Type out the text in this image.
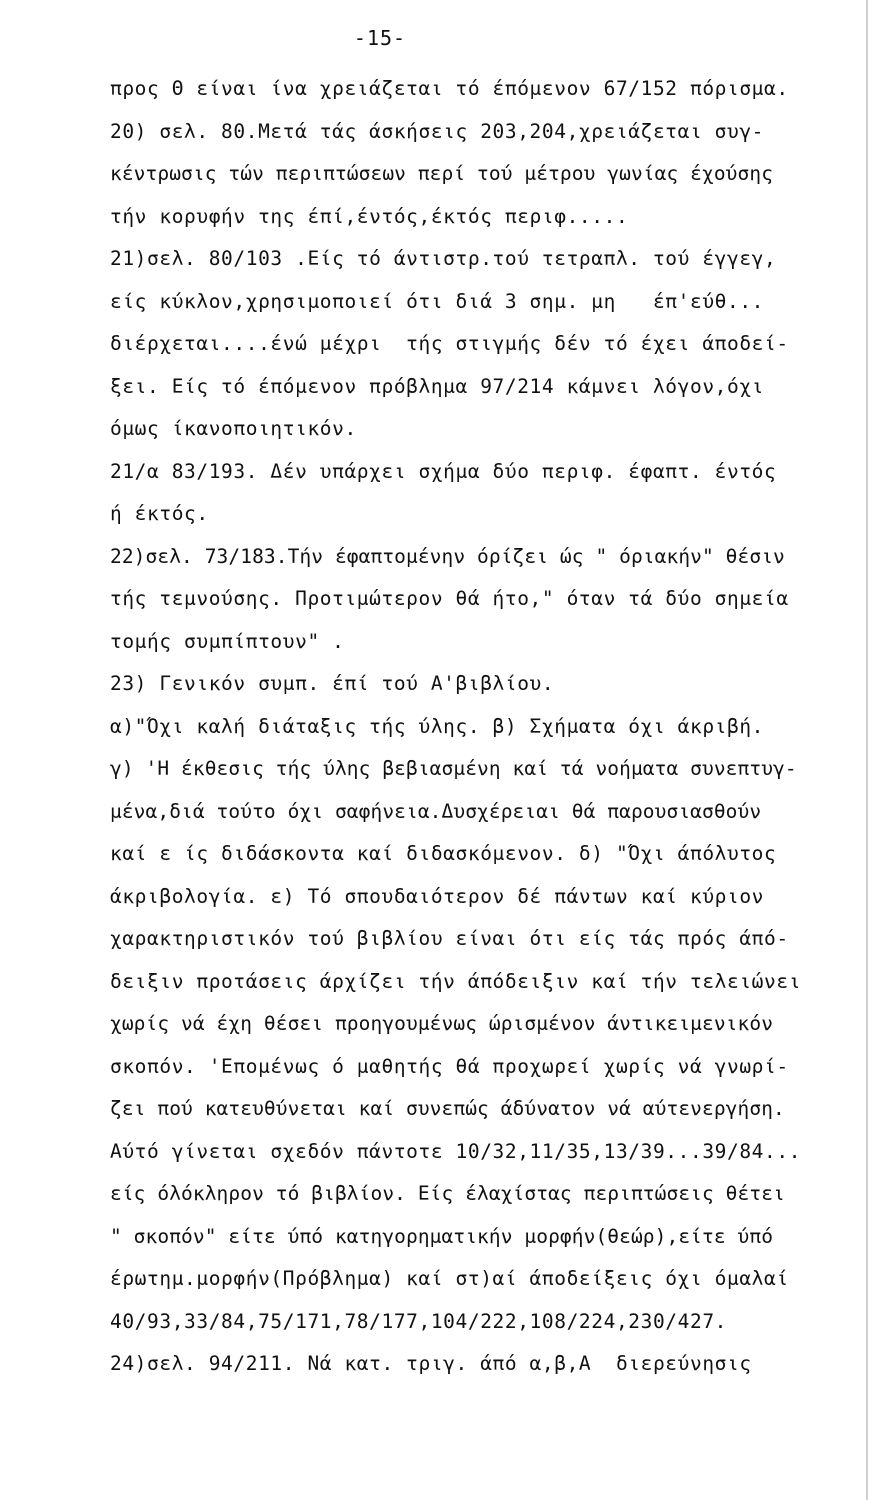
-15-
προς Θ είναι ίνα χρειάζεται τό έπόμενον 67/152 πόρισμα.
20) σελ. 80.Μετά τάς άσκήσεις 203,204,χρειάζεται συγ-
κέντρωσις τών περιπτώσεων περί τού μέτρου γωνίας έχούσης
τήν κορυφήν της έπί,έντός,έκτός περιφ.....
21)σελ. 80/103 .Είς τό άντιστρ.τού τετραπλ. τού έγγεγ,
είς κύκλον,χρησιμοποιεί ότι διά 3 σημ. μη   έπ'εύθ...
διέρχεται....ένώ μέχρι  τής στιγμής δέν τό έχει άποδεί-
ξει. Είς τό έπόμενον πρόβλημα 97/214 κάμνει λόγον,όχι
όμως ίκανοποιητικόν.
21/α 83/193. Δέν υπάρχει σχήμα δύο περιφ. έφαπτ. έντός
ή έκτός.
22)σελ. 73/183.Τήν έφαπτομένην όρίζει ώς " όριακήν" θέσιν
τής τεμνούσης. Προτιμώτερον θά ήτο," όταν τά δύο σημεία
τομής συμπίπτουν" .
23) Γενικόν συμπ. έπί τού Α'βιβλίου.
α)"Όχι καλή διάταξις τής ύλης. β) Σχήματα όχι άκριβή.
γ) 'Η έκθεσις τής ύλης βεβιασμένη καί τά νοήματα συνεπτυγ-
μένα,διά τούτο όχι σαφήνεια.Δυσχέρειαι θά παρουσιασθούν
καί ε ίς διδάσκοντα καί διδασκόμενον. δ) "Όχι άπόλυτος
άκριβολογία. ε) Τό σπουδαιότερον δέ πάντων καί κύριον
χαρακτηριστικόν τού βιβλίου είναι ότι είς τάς πρός άπό-
δειξιν προτάσεις άρχίζει τήν άπόδειξιν καί τήν τελειώνει
χωρίς νά έχη θέσει προηγουμένως ώρισμένον άντικειμενικόν
σκοπόν. 'Επομένως ό μαθητής θά προχωρεί χωρίς νά γνωρί-
ζει πού κατευθύνεται καί συνεπώς άδύνατον νά αύτενεργήση.
Αύτό γίνεται σχεδόν πάντοτε 10/32,11/35,13/39...39/84...
είς όλόκληρον τό βιβλίον. Είς έλαχίστας περιπτώσεις θέτει
" σκοπόν" είτε ύπό κατηγορηματικήν μορφήν(θεώρ),είτε ύπό
έρωτημ.μορφήν(Πρόβλημα) καί στ)αί άποδείξεις όχι όμαλαί
40/93,33/84,75/171,78/177,104/222,108/224,230/427.
24)σελ. 94/211. Νά κατ. τριγ. άπό α,β,Α  διερεύνησις
